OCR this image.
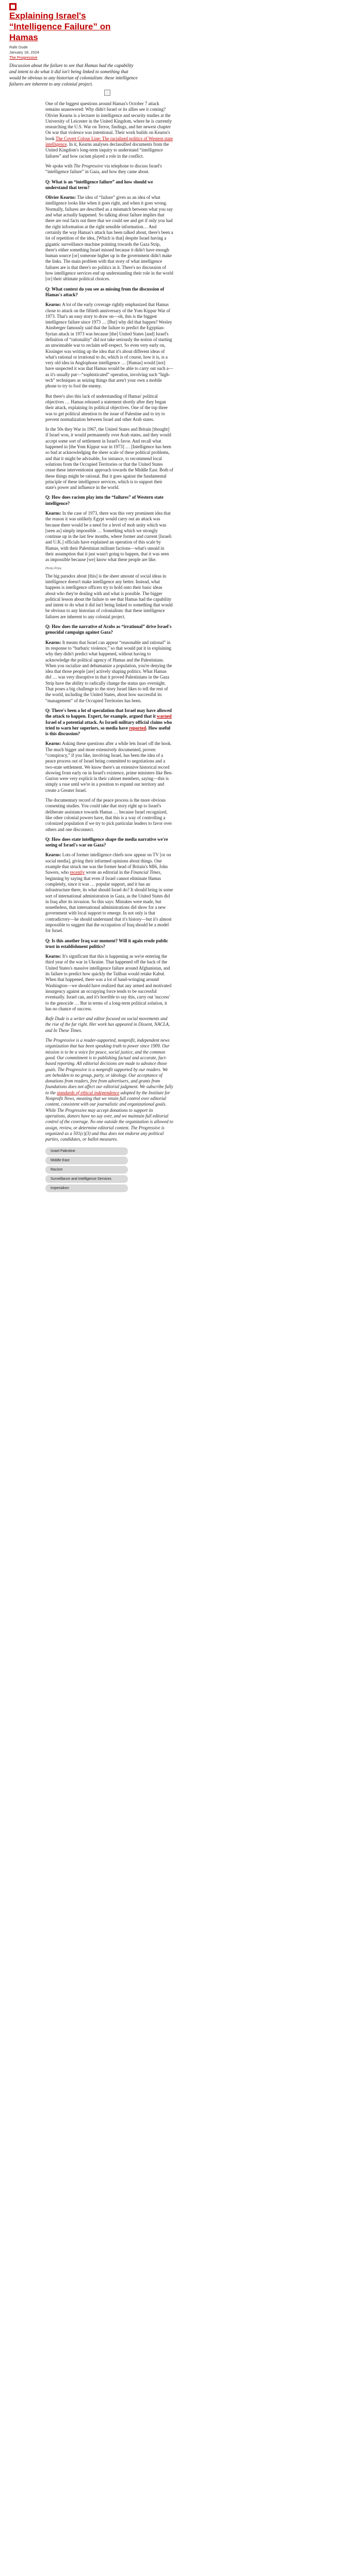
Explaining Israel's “Intelligence Failure” on Hamas
Rafe Dude
January 18, 2024
The Progressive
Discussion about the failure to see that Hamas had the capability and intent to do what it did isn't being linked to something that would be obvious to any historian of colonialism: these intelligence failures are inherent to any colonial project.

One of the biggest questions around Hamas's October 7 attack remains unanswered: Why didn't Israel or its allies see it coming? Olivier Kearns is a lecturer in intelligence and security studies at the University of Leicester in the United Kingdom, where he is currently researching the U.S. War on Terror, findings, and her newest chapter On war that violence was intentional. Their work builds on Kearns's book The Covert Colour Line: The racialised politics of Western state intelligence. In it, Kearns analyses declassified documents from the United Kingdom's long-term inquiry to understand “intelligence failures” and how racism played a role in the conflict.

We spoke with The Progressive via telephone to discuss Israel's “intelligence failure” in Gaza, and how they came about.

Q: What is an “intelligence failure” and how should we understand that term?

Olivier Kearns: The idea of “failure” gives us an idea of what intelligence looks like when it goes right, and when it goes wrong. Normally, failures are described as a mismatch between what you say and what actually happened. So talking about failure implies that there are real facts out there that we could see and get if only you had the right information at the right sensible information… And certainly the way Hamas's attack has been talked about, there's been a lot of repetition of the idea, [Which is that] despite Israel having a gigantic surveillance machine pointing towards the Gaza Strip, there's either something Israel missed because it didn't have enough human source [or] someone higher up in the government didn't make the links. The main problem with that story of what intelligence failures are is that there's no politics in it. There's no discussion of how intelligence services end up understanding their role in the world [or] their ultimate political choices.

Q: What context do you see as missing from the discussion of Hamas's attack?

Kearns: A lot of the early coverage rightly emphasized that Hamas chose to attack on the fiftieth anniversary of the Yom Kippur War of 1973. That's an easy story to draw on—oh, this is the biggest intelligence failure since 1973 … [But] why did that happen? Wesley Ainsberger famously said that the failure to predict the Egyptian-Syrian attack in 1973 was because [the] United States [and] Israel's definition of “rationality” did not take seriously the notion of starting an unwinnable war to reclaim self-respect. So even very early on, Kissinger was writing up the idea that it's about different ideas of what's rational or irrational to do, which is of course, how it is, is a very old idea in Anglophone intelligence … [Hamas] would [not] have suspected it was that Hamas would be able to carry out such a—as it's usually put—“sophisticated” operation, involving such “high-tech” techniques as seizing things that aren't your own a mobile phone to try to fool the enemy.

But there's also this lack of understanding of Hamas' political objectives … Hamas released a statement shortly after they began their attack, explaining its political objectives. One of the top three was to get political attention to the issue of Palestine and to try to prevent normalization between Israel and other Arab states.

In the 50s they War in 1967, the United States and Britain [thought] if Israel won, it would permanently over Arab states, and they would accept some sort of settlement in Israel's favor. And recall what happened in [the Yom Kippur war in 1973] … [Intelligence has been so bad at acknowledging the sheer scale of these political problems, and that it might be advisable, for instance, to recommend local solutions from the Occupied Territories or that the United States cease these interventionist approach towards the Middle East. Both of these things might be rational. But it goes against the fundamental principle of these intelligence services, which is to support their state's power and influence in the world.

Q: How does racism play into the “failures” of Western state intelligence?

Kearns: In the case of 1973, there was this very prominent idea that the reason it was unlikely Egypt would carry out an attack was because there would be a need for a level of mob unity which was [seen as] simply impossible … Something which we strongly continue up in the last few months, where former and current [Israeli and U.K.] officials have explained an operation of this scale by Hamas, with their Palestinian militant factions—what's unsaid in their assumption that it just wasn't going to happen, that it was seen as impossible because [we] know what these people are like.

Photo Prize

The big paradox about [this] is the sheer amount of social ideas in intelligence doesn't make intelligence any better. Instead, what happens is intelligence officers try to hold onto their basic ideas about who they're dealing with and what is possible. The bigger political lesson about the failure to see that Hamas had the capability and intent to do what it did isn't being linked to something that would be obvious to any historian of colonialism: that these intelligence failures are inherent to any colonial project.

Q: How does the narrative of Arabs as “irrational” drive Israel's genocidal campaign against Gaza?

Kearns: It means that Israel can appear “reasonable and rational” in its response to “barbaric violence,” so that would put it in explaining why they didn't predict what happened, without having to acknowledge the political agency of Hamas and the Palestinians. When you racialize and dehumanize a population, you're denying the idea that those people [are] actively shaping politics. What Hamas did … was very disruptive in that it proved Palestinians in the Gaza Strip have the ability to radically change the status quo overnight. That poses a big challenge to the story Israel likes to tell the rest of the world, including the United States, about how successful its “management” of the Occupied Territories has been.

Q: There's been a lot of speculation that Israel may have allowed the attack to happen. Expert, for example, argued that it warned Israel of a potential attack. As Israeli military official claims who tried to warn her superiors, so media have reported. How useful is this discussion?

Kearns: Asking these questions after a while lets Israel off the hook. The much bigger and more extensively documented, proven “conspiracy,” if you like, involving Israel, has been the idea of a peace process out of Israel being committed to negotiations and a two-state settlement. We know there's an extensive historical record showing from early on in Israel's existence, prime ministers like Ben-Gurion were very explicit in their cabinet members, saying—this is simply a ruse until we're in a position to expand our territory and create a Greater Israel.

The documentary record of the peace process is the more obvious consenting studies. You could take that story right up to Israel's deliberate assistance towards Hamas … because Israel recognized, like other colonial powers have, that this is a way of controlling a colonized population if we try to pick particular leaders to favor over others and one disconnect.

Q: How does state intelligence shape the media narrative we're seeing of Israel's war on Gaza?

Kearns: Lots of former intelligence chiefs now appear on TV [or on social media], giving their informed opinions about things. One example that struck me was the former head of Britain's MI6, John Sawers, who recently wrote an editorial in the Financial Times, beginning by saying that even if Israel cannot eliminate Hamas completely, since it was … popular support, and it has an infrastructure there, its what should Israel do? It should bring in some sort of international administration in Gaza, as the United States did in Iraq after its invasion. So this says: Mistakes were made, but nonetheless, that international administrations did show for a new government with local support to emerge. In not only is that contradictory—he should understand that it's history—but it's almost impossible to suggest that the occupation of Iraq should be a model for Israel.

Q: Is this another Iraq war moment? Will it again erode public trust in establishment politics?

Kearns: It's significant that this is happening as we're entering the third year of the war in Ukraine. That happened off the back of the United States's massive intelligence failure around Afghanistan, and its failure to predict how quickly the Taliban would retake Kabul. When that happened, there was a lot of hand-wringing around Washington—we should have realized that any armed and motivated insurgency against an occupying force tends to be successful eventually. Israel can, and it's horrible to say this, carry out 'success' to the genocide … But in terms of a long-term political solution, it has no chance of success.

Rafe Dude is a writer and editor focused on social movements and the rise of the far right. Her work has appeared in Dissent, NACLA, and In These Times.

The Progressive is a reader-supported, nonprofit, independent news organization that has been speaking truth to power since 1909. Our mission is to be a voice for peace, social justice, and the common good. Our commitment is to publishing factual and accurate, fact-based reporting. All editorial decisions are made to advance those goals. The Progressive is a nonprofit supported by our readers. We are beholden to no group, party, or ideology. Our acceptance of donations from readers, free from advertisers, and grants from foundations does not affect our editorial judgment. We subscribe fully to the standards of ethical independence adopted by the Institute for Nonprofit News, meaning that we retain full control over editorial content, consistent with our journalistic and organizational goals. While The Progressive may accept donations to support its operations, donors have no say over, and we maintain full editorial control of the coverage. No one outside the organization is allowed to assign, review, or determine editorial content. The Progressive is organized as a 501(c)(3) and thus does not endorse any political parties, candidates, or ballot measures.

Israel Palestine
Middle East
Racism
Surveillance and Intelligence Services
Imperialism
